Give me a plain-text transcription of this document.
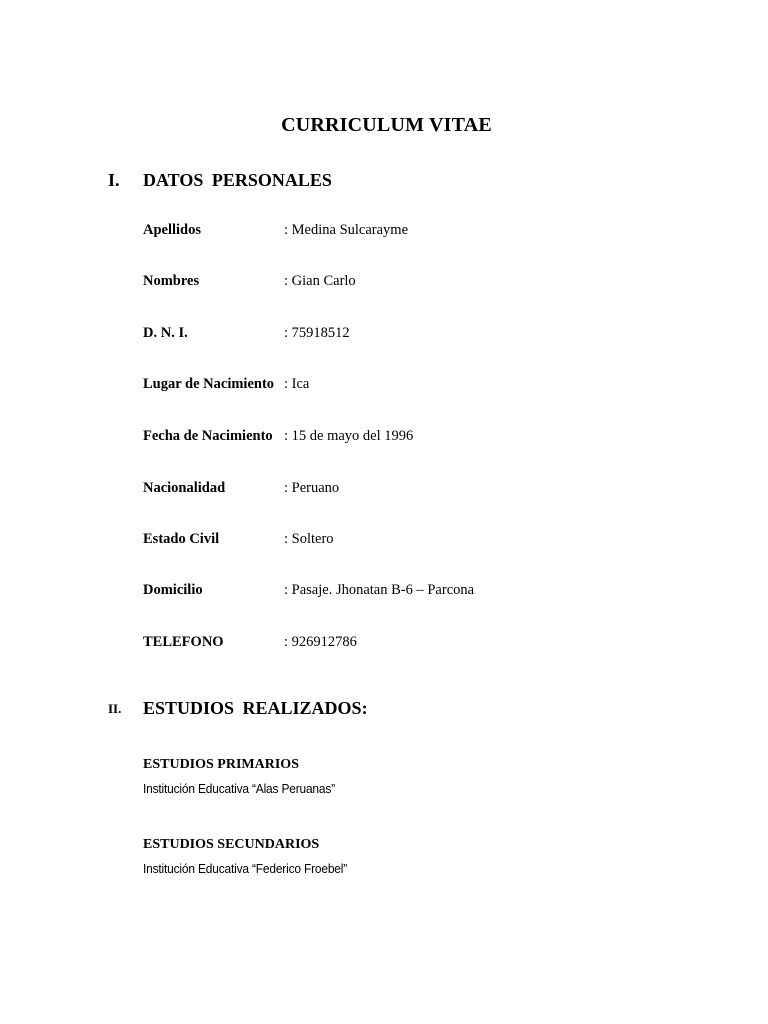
CURRICULUM VITAE
I. DATOS PERSONALES
Apellidos	: Medina Sulcarayme
Nombres	: Gian Carlo
D. N. I.	: 75918512
Lugar de Nacimiento : Ica
Fecha de Nacimiento : 15 de mayo del 1996
Nacionalidad	: Peruano
Estado Civil	: Soltero
Domicilio	: Pasaje. Jhonatan B-6 – Parcona
TELEFONO	: 926912786
II. ESTUDIOS REALIZADOS:
ESTUDIOS PRIMARIOS
Institución Educativa “Alas Peruanas”
ESTUDIOS SECUNDARIOS
Institución Educativa “Federico Froebel”
